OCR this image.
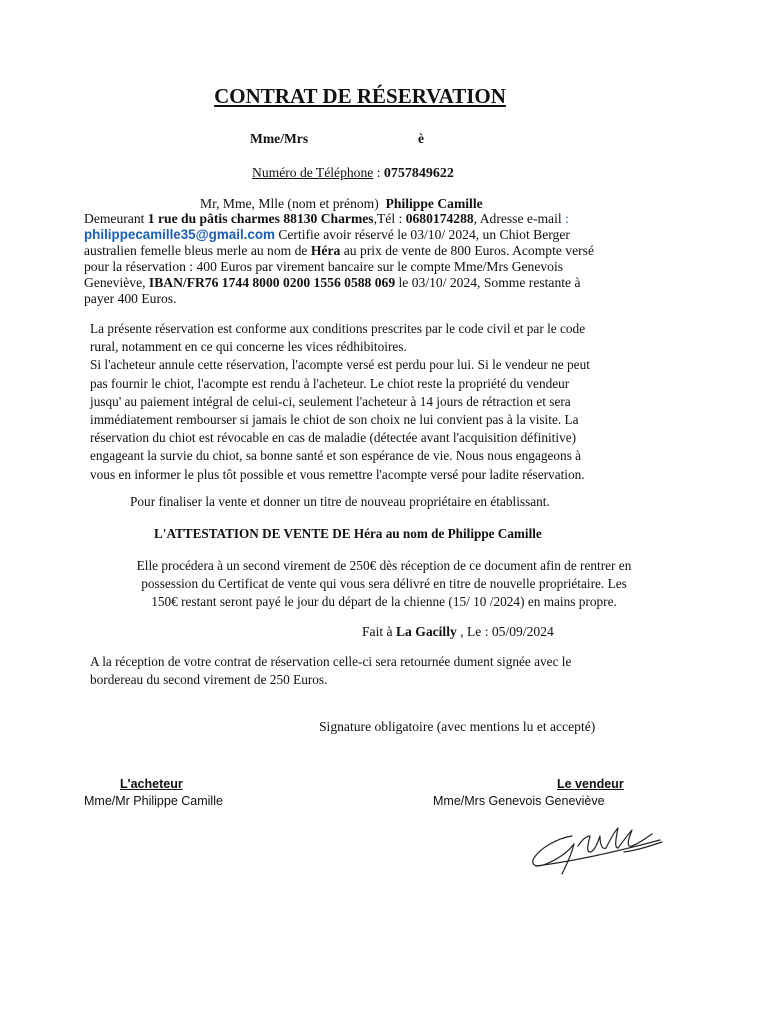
CONTRAT DE RÉSERVATION
Mme/Mrs	è
Numéro de Téléphone : 0757849622
Mr, Mme, Mlle (nom et prénom) Philippe Camille
Demeurant 1 rue du pâtis charmes 88130 Charmes,Tél : 0680174288, Adresse e-mail :
philippecamille35@gmail.com Certifie avoir réservé le 03/10/ 2024, un Chiot Berger
australien femelle bleus merle au nom de Héra au prix de vente de 800 Euros. Acompte versé
pour la réservation : 400 Euros par virement bancaire sur le compte Mme/Mrs Genevois
Geneviève, IBAN/FR76 1744 8000 0200 1556 0588 069 le 03/10/ 2024, Somme restante à
payer 400 Euros.
La présente réservation est conforme aux conditions prescrites par le code civil et par le code
rural, notamment en ce qui concerne les vices rédhibitoires.
Si l'acheteur annule cette réservation, l'acompte versé est perdu pour lui. Si le vendeur ne peut
pas fournir le chiot, l'acompte est rendu à l'acheteur. Le chiot reste la propriété du vendeur
jusqu' au paiement intégral de celui-ci, seulement l'acheteur à 14 jours de rétraction et sera
immédiatement rembourser si jamais le chiot de son choix ne lui convient pas à la visite. La
réservation du chiot est révocable en cas de maladie (détectée avant l'acquisition définitive)
engageant la survie du chiot, sa bonne santé et son espérance de vie. Nous nous engageons à
vous en informer le plus tôt possible et vous remettre l'acompte versé pour ladite réservation.
Pour finaliser la vente et donner un titre de nouveau propriétaire en établissant.
L'ATTESTATION DE VENTE DE Héra au nom de Philippe Camille
Elle procédera à un second virement de 250€ dès réception de ce document afin de rentrer en
possession du Certificat de vente qui vous sera délivré en titre de nouvelle propriétaire. Les
150€ restant seront payé le jour du départ de la chienne (15/ 10 /2024) en mains propre.
Fait à La Gacilly , Le : 05/09/2024
A la réception de votre contrat de réservation celle-ci sera retournée dument signée avec le
bordereau du second virement de 250 Euros.
Signature obligatoire (avec mentions lu et accepté)
L'acheteur
Mme/Mr Philippe Camille
Le vendeur
Mme/Mrs Genevois Geneviève
